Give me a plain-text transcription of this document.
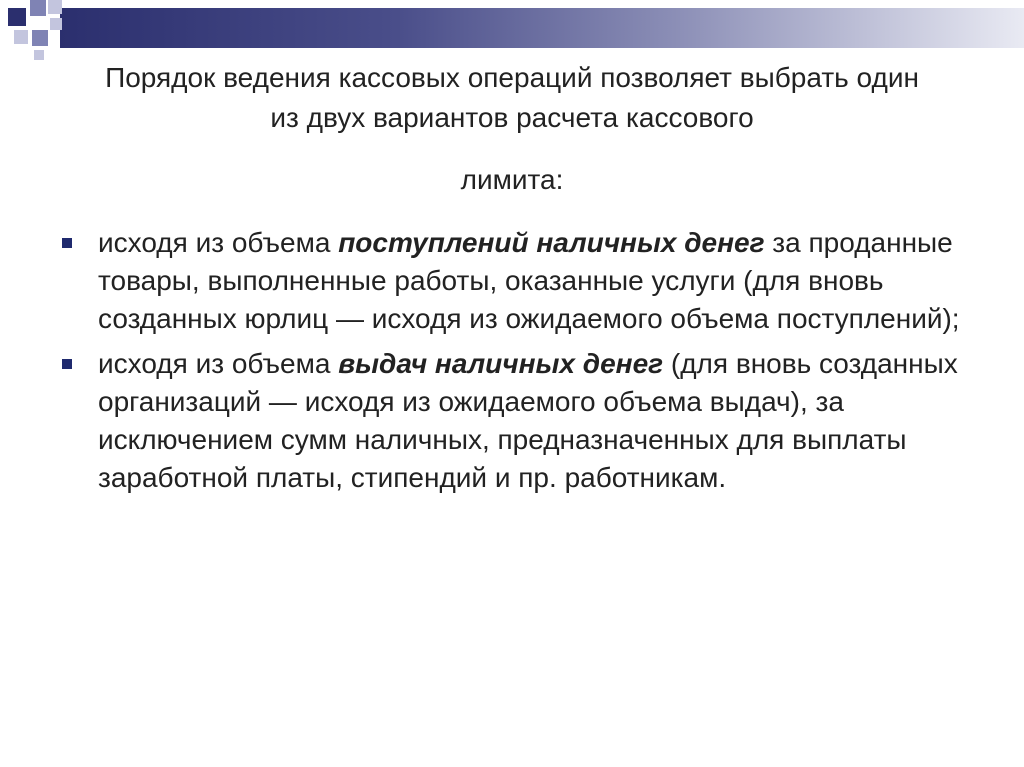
Порядок ведения кассовых операций позволяет выбрать один из двух вариантов расчета кассового
лимита:
исходя из объема поступлений наличных денег за проданные товары, выполненные работы, оказанные услуги (для вновь созданных юрлиц — исходя из ожидаемого объема поступлений);
исходя из объема выдач наличных денег (для вновь созданных организаций — исходя из ожидаемого объема выдач), за исключением сумм наличных, предназначенных для выплаты заработной платы, стипендий и пр. работникам.
